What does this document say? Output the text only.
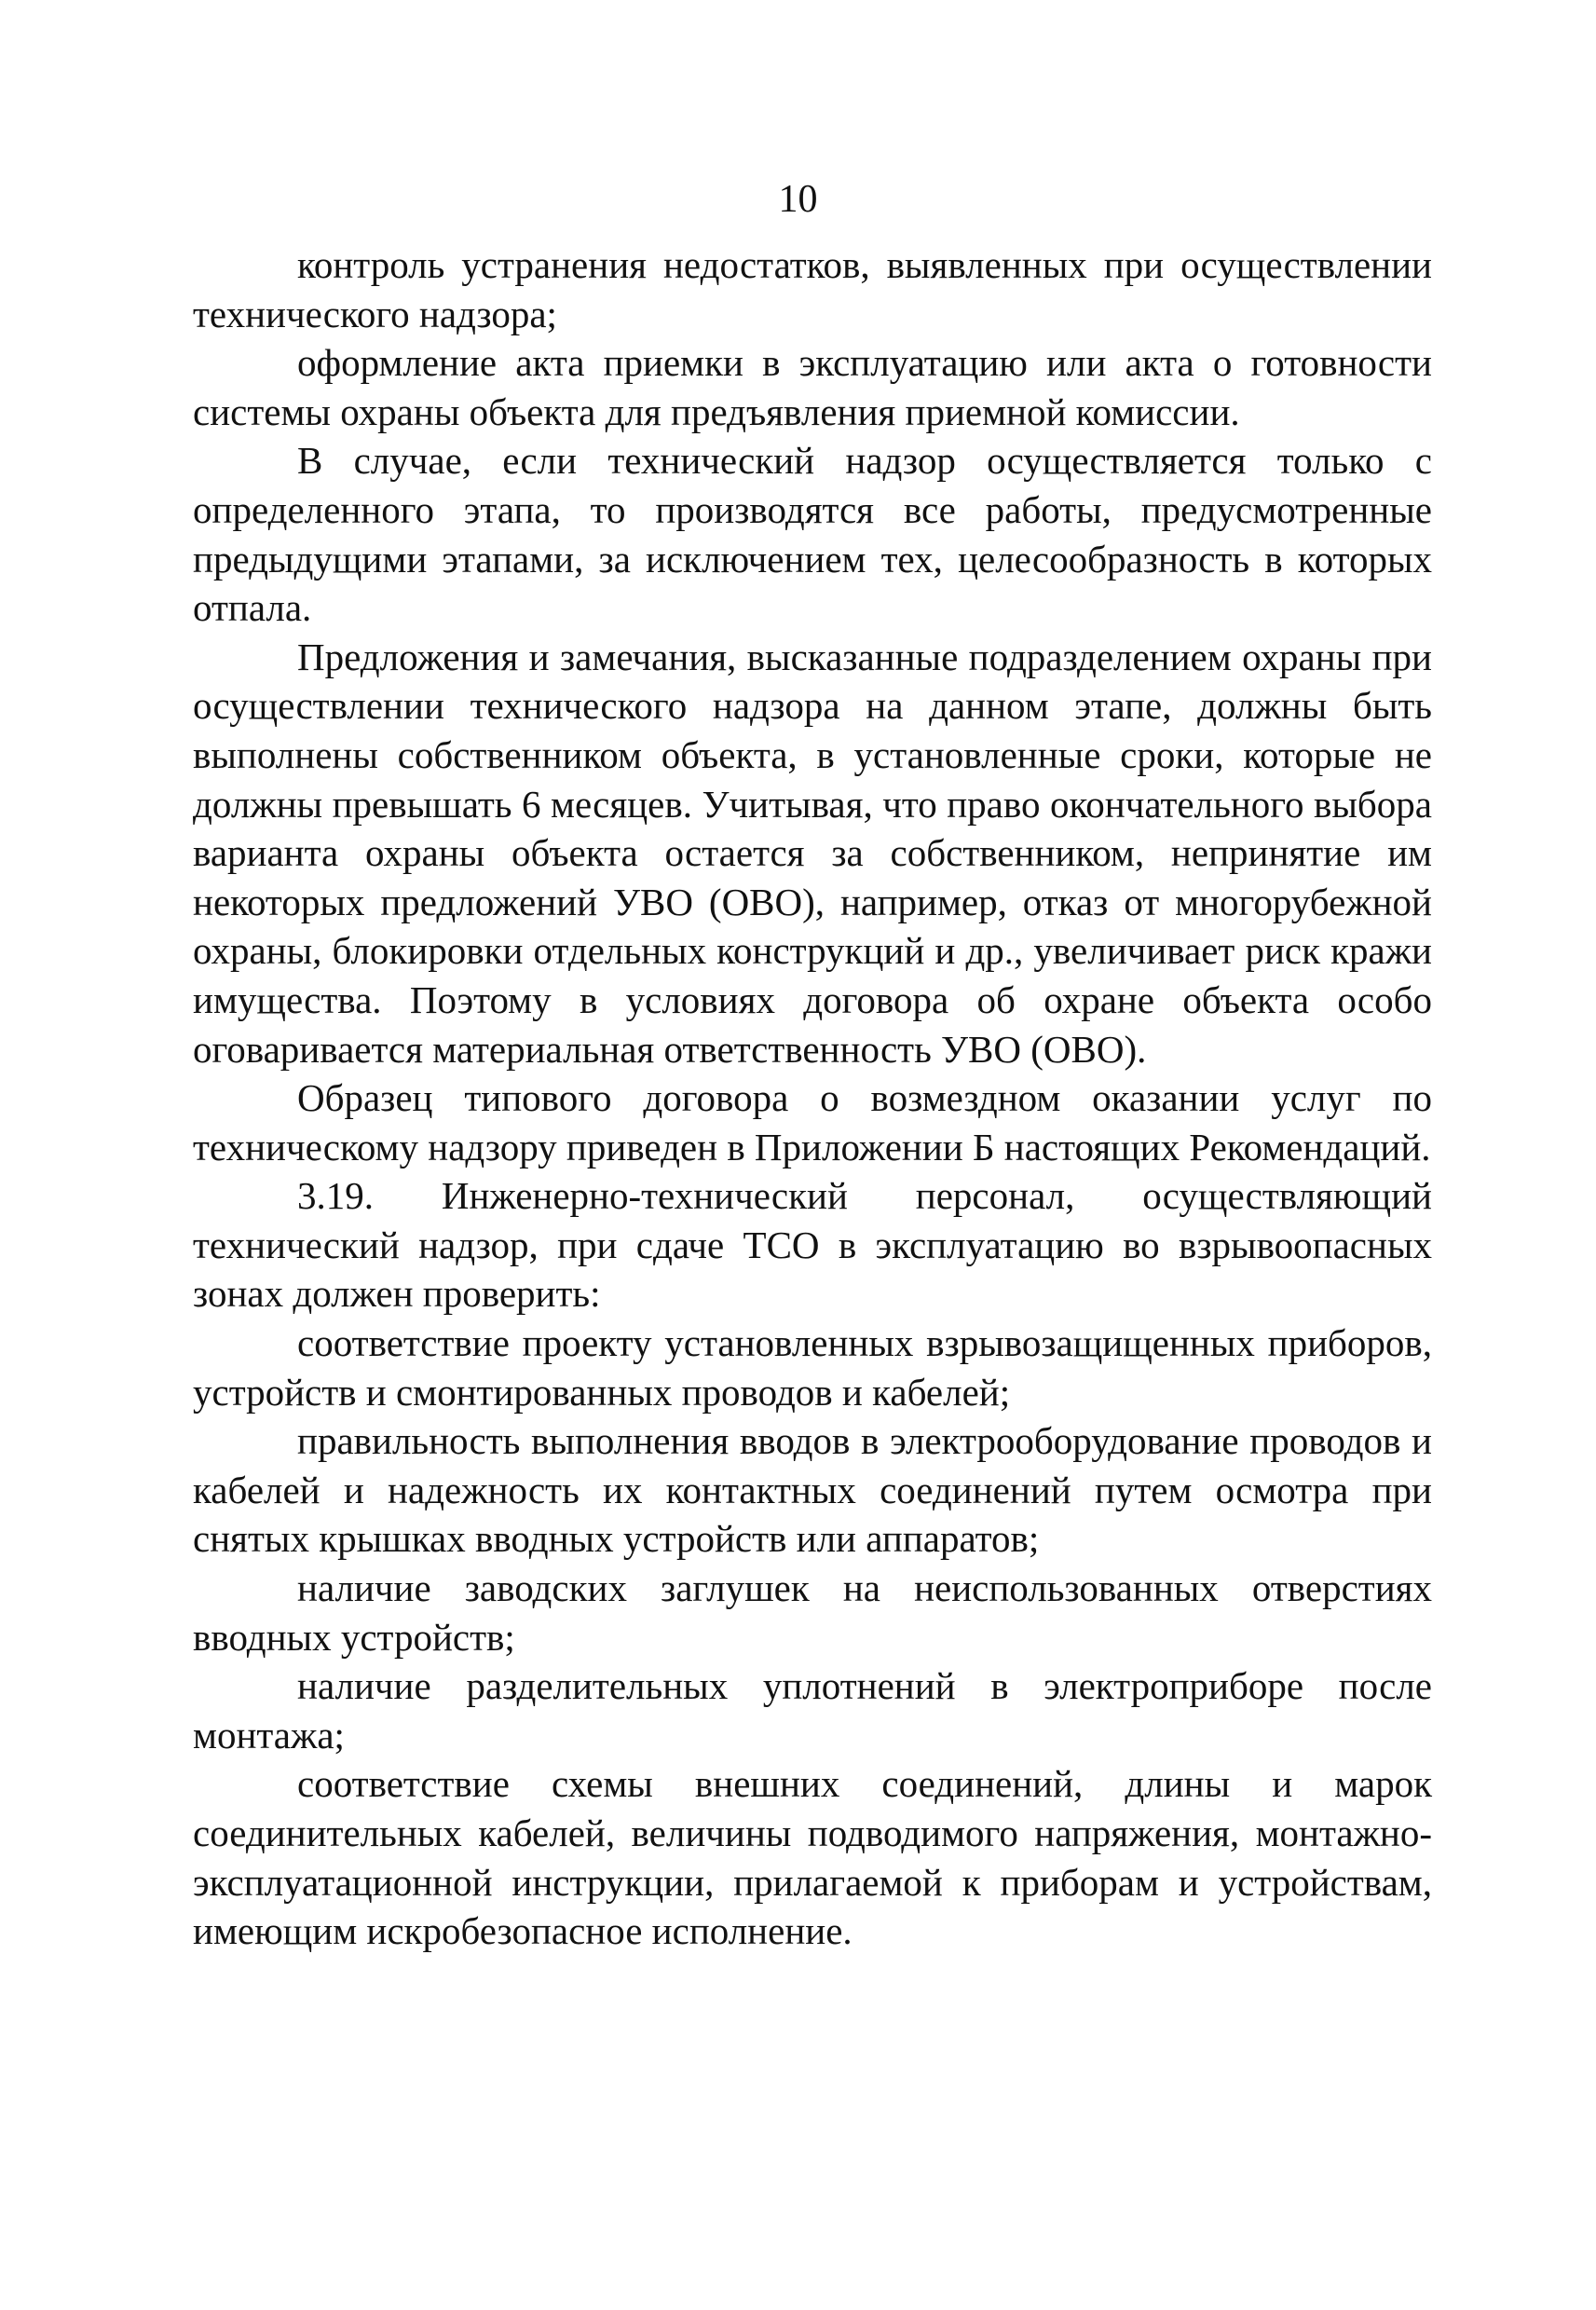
10

контроль устранения недостатков, выявленных при осуществлении технического надзора;

оформление акта приемки в эксплуатацию или акта о готовности системы охраны объекта для предъявления приемной комиссии.

В случае, если технический надзор осуществляется только с определенного этапа, то производятся все работы, предусмотренные предыдущими этапами, за исключением тех, целесообразность в которых отпала.

Предложения и замечания, высказанные подразделением охраны при осуществлении технического надзора на данном этапе, должны быть выполнены собственником объекта, в установленные сроки, которые не должны превышать 6 месяцев. Учитывая, что право окончательного выбора варианта охраны объекта остается за собственником, непринятие им некоторых предложений УВО (ОВО), например, отказ от многорубежной охраны, блокировки отдельных конструкций и др., увеличивает риск кражи имущества. Поэтому в условиях договора об охране объекта особо оговаривается материальная ответственность УВО (ОВО).

Образец типового договора о возмездном оказании услуг по техническому надзору приведен в Приложении Б настоящих Рекомендаций.

3.19. Инженерно-технический персонал, осуществляющий технический надзор, при сдаче ТСО в эксплуатацию во взрывоопасных зонах должен проверить:

соответствие проекту установленных взрывозащищенных приборов, устройств и смонтированных проводов и кабелей;

правильность выполнения вводов в электрооборудование проводов и кабелей и надежность их контактных соединений путем осмотра при снятых крышках вводных устройств или аппаратов;

наличие заводских заглушек на неиспользованных отверстиях вводных устройств;

наличие разделительных уплотнений в электроприборе после монтажа;

соответствие схемы внешних соединений, длины и марок соединительных кабелей, величины подводимого напряжения, монтажно-эксплуатационной инструкции, прилагаемой к приборам и устройствам, имеющим искробезопасное исполнение.
